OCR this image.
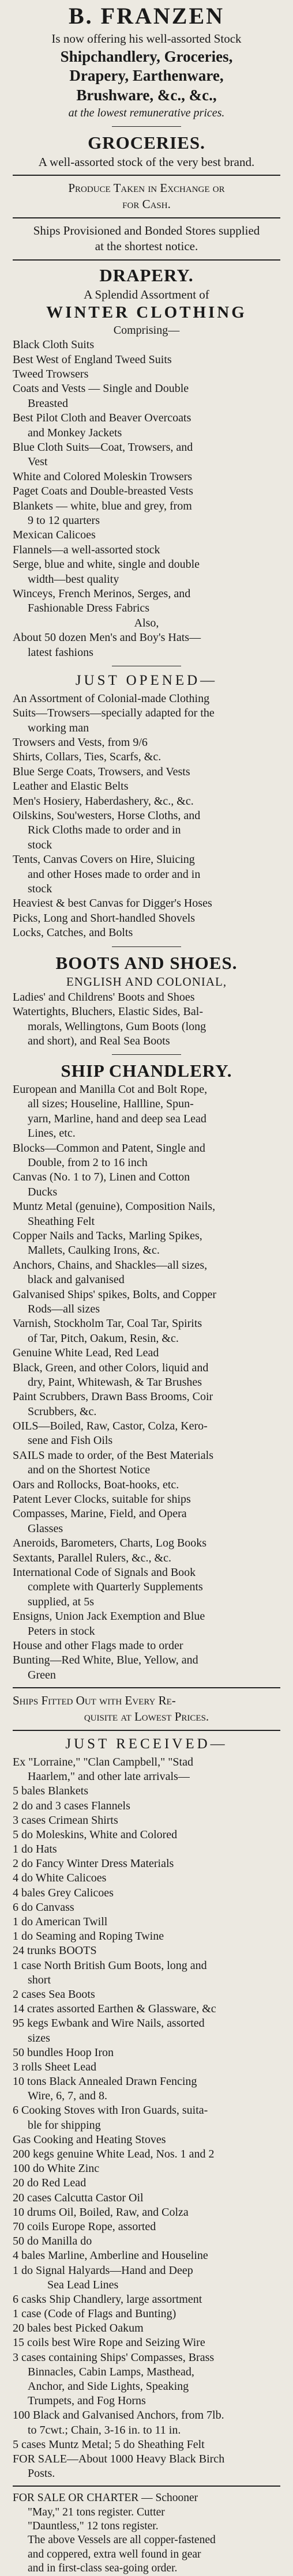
B. FRANZEN

Is now offering his well-assorted Stock

Shipchandlery, Groceries,

Drapery, Earthenware,

Brushware, &c., &c.,

at the lowest remunerative prices.

GROCERIES.

A well-assorted stock of the very best brand.

Produce Taken in Exchange or

for Cash.

Ships Provisioned and Bonded Stores supplied

at the shortest notice.

DRAPERY.

A Splendid Assortment of

WINTER CLOTHING

Comprising—

Black Cloth Suits

Best West of England Tweed Suits

Tweed Trowsers

Coats and Vests — Single and Double

Breasted

Best Pilot Cloth and Beaver Overcoats

and Monkey Jackets

Blue Cloth Suits—Coat, Trowsers, and

Vest

White and Colored Moleskin Trowsers

Paget Coats and Double-breasted Vests

Blankets — white, blue and grey, from

9 to 12 quarters

Mexican Calicoes

Flannels—a well-assorted stock

Serge, blue and white, single and double

width—best quality

Winceys, French Merinos, Serges, and

Fashionable Dress Fabrics

Also,

About 50 dozen Men's and Boy's Hats—

latest fashions

JUST OPENED—

An Assortment of Colonial-made Clothing

Suits—Trowsers—specially adapted for the

working man

Trowsers and Vests, from 9/6

Shirts, Collars, Ties, Scarfs, &c.

Blue Serge Coats, Trowsers, and Vests

Leather and Elastic Belts

Men's Hosiery, Haberdashery, &c., &c.

Oilskins, Sou'westers, Horse Cloths, and

Rick Cloths made to order and in

stock

Tents, Canvas Covers on Hire, Sluicing

and other Hoses made to order and in

stock

Heaviest & best Canvas for Digger's Hoses

Picks, Long and Short-handled Shovels

Locks, Catches, and Bolts

BOOTS AND SHOES.

ENGLISH AND COLONIAL,

Ladies' and Childrens' Boots and Shoes

Watertights, Bluchers, Elastic Sides, Bal-

morals, Wellingtons, Gum Boots (long

and short), and Real Sea Boots

SHIP CHANDLERY.

European and Manilla Cot and Bolt Rope,

all sizes; Houseline, Hallline, Spun-

yarn, Marline, hand and deep sea Lead

Lines, etc.

Blocks—Common and Patent, Single and

Double, from 2 to 16 inch

Canvas (No. 1 to 7), Linen and Cotton

Ducks

Muntz Metal (genuine), Composition Nails,

Sheathing Felt

Copper Nails and Tacks, Marling Spikes,

Mallets, Caulking Irons, &c.

Anchors, Chains, and Shackles—all sizes,

black and galvanised

Galvanised Ships' spikes, Bolts, and Copper

Rods—all sizes

Varnish, Stockholm Tar, Coal Tar, Spirits

of Tar, Pitch, Oakum, Resin, &c.

Genuine White Lead, Red Lead

Black, Green, and other Colors, liquid and

dry, Paint, Whitewash, & Tar Brushes

Paint Scrubbers, Drawn Bass Brooms, Coir

Scrubbers, &c.

OILS—Boiled, Raw, Castor, Colza, Kero-

sene and Fish Oils

SAILS made to order, of the Best Materials

and on the Shortest Notice

Oars and Rollocks, Boat-hooks, etc.

Patent Lever Clocks, suitable for ships

Compasses, Marine, Field, and Opera

Glasses

Aneroids, Barometers, Charts, Log Books

Sextants, Parallel Rulers, &c., &c.

International Code of Signals and Book

complete with Quarterly Supplements

supplied, at 5s

Ensigns, Union Jack Exemption and Blue

Peters in stock

House and other Flags made to order

Bunting—Red White, Blue, Yellow, and

Green

Ships Fitted Out with Every Re-

quisite at Lowest Prices.

JUST RECEIVED—

Ex "Lorraine," "Clan Campbell," "Stad

Haarlem," and other late arrivals—

5 bales Blankets

2 do and 3 cases Flannels

3 cases Crimean Shirts

5 do Moleskins, White and Colored

1 do Hats

2 do Fancy Winter Dress Materials

4 do White Calicoes

4 bales Grey Calicoes

6 do Canvass

1 do American Twill

1 do Seaming and Roping Twine

24 trunks BOOTS

1 case North British Gum Boots, long and

short

2 cases Sea Boots

14 crates assorted Earthen & Glassware, &c

95 kegs Ewbank and Wire Nails, assorted

sizes

50 bundles Hoop Iron

3 rolls Sheet Lead

10 tons Black Annealed Drawn Fencing

Wire, 6, 7, and 8.

6 Cooking Stoves with Iron Guards, suita-

ble for shipping

Gas Cooking and Heating Stoves

200 kegs genuine White Lead, Nos. 1 and 2

100 do White Zinc

20 do Red Lead

20 cases Calcutta Castor Oil

10 drums Oil, Boiled, Raw, and Colza

70 coils Europe Rope, assorted

50 do Manilla do

4 bales Marline, Amberline and Houseline

1 do Signal Halyards—Hand and Deep

Sea Lead Lines

6 casks Ship Chandlery, large assortment

1 case (Code of Flags and Bunting)

20 bales best Picked Oakum

15 coils best Wire Rope and Seizing Wire

3 cases containing Ships' Compasses, Brass

Binnacles, Cabin Lamps, Masthead,

Anchor, and Side Lights, Speaking

Trumpets, and Fog Horns

100 Black and Galvanised Anchors, from 7lb.

to 7cwt.; Chain, 3-16 in. to 11 in.

5 cases Muntz Metal; 5 do Sheathing Felt

FOR SALE—About 1000 Heavy Black Birch

Posts.

FOR SALE OR CHARTER — Schooner

"May," 21 tons register. Cutter

"Dauntless," 12 tons register.

The above Vessels are all copper-fastened

and coppered, extra well found in gear

and in first-class sea-going order.
